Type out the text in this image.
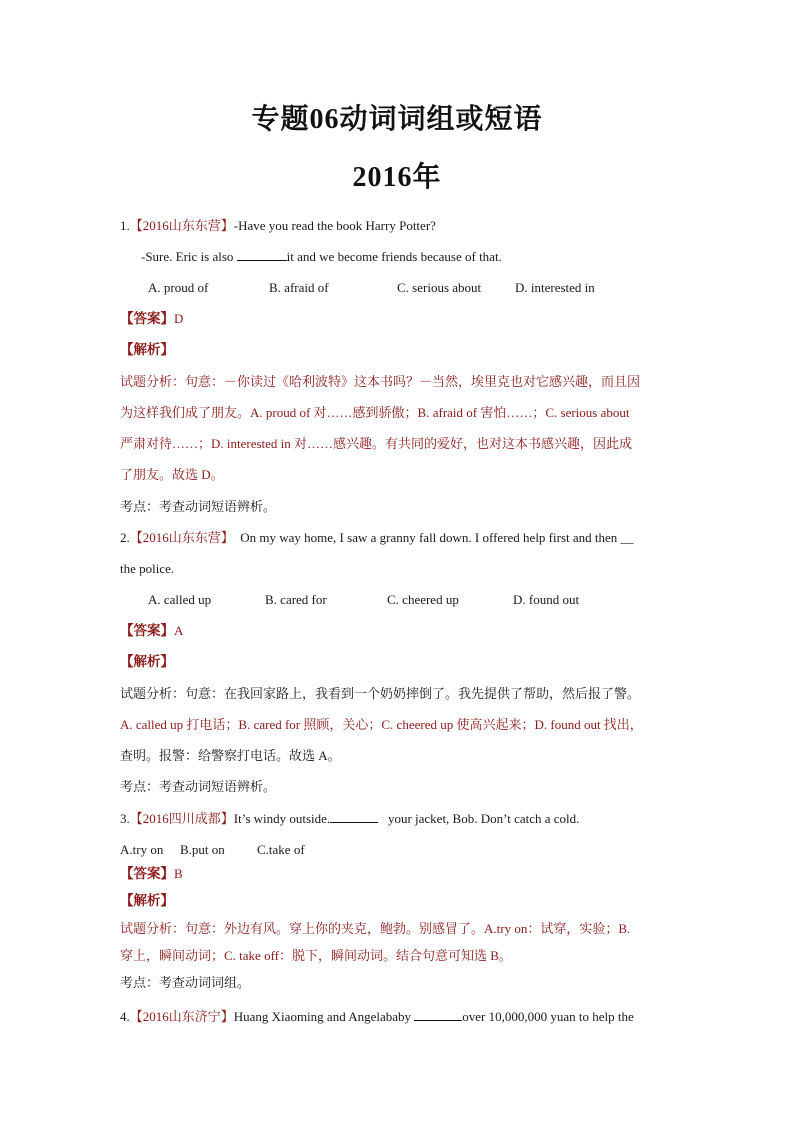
专题06动词词组或短语
2016年
1.【2016山东东营】-Have you read the book Harry Potter?
-Sure. Eric is also	it and we become friends because of that.
A. proud of	B. afraid of	C. serious about	D. interested in
【答案】D
【解析】
试题分析：句意：－你读过《哈利波特》这本书吗？－当然，埃里克也对它感兴趣，而且因
为这样我们成了朋友。A. proud of 对……感到骄傲；B. afraid of 害怕……；C. serious about
严肃对待……；D. interested in 对……感兴趣。有共同的爱好，也对这本书感兴趣，因此成
了朋友。故选 D。
考点：考查动词短语辨析。
2.【2016山东东营】 On my way home, I saw a granny fall down. I offered help first and then __
the police.
A. called up	B. cared for	C. cheered up	D. found out
【答案】A
【解析】
试题分析：句意：在我回家路上，我看到一个奶奶摔倒了。我先提供了帮助，然后报了警。
A. called up 打电话；B. cared for 照顾，关心；C. cheered up 使高兴起来；D. found out 找出，
查明。报警：给警察打电话。故选 A。
考点：考查动词短语辨析。
3.【2016四川成都】It’s windy outside.	your jacket, Bob. Don’t catch a cold.
A.try on B.put on C.take of
【答案】B
【解析】
试题分析：句意：外边有风。穿上你的夹克，鲍勃。别感冒了。A.try on：试穿，实验；B.
穿上，瞬间动词；C. take off：脱下，瞬间动词。结合句意可知选 B。
考点：考查动词词组。
4.【2016山东济宁】Huang Xiaoming and Angelababy	over 10,000,000 yuan to help the
